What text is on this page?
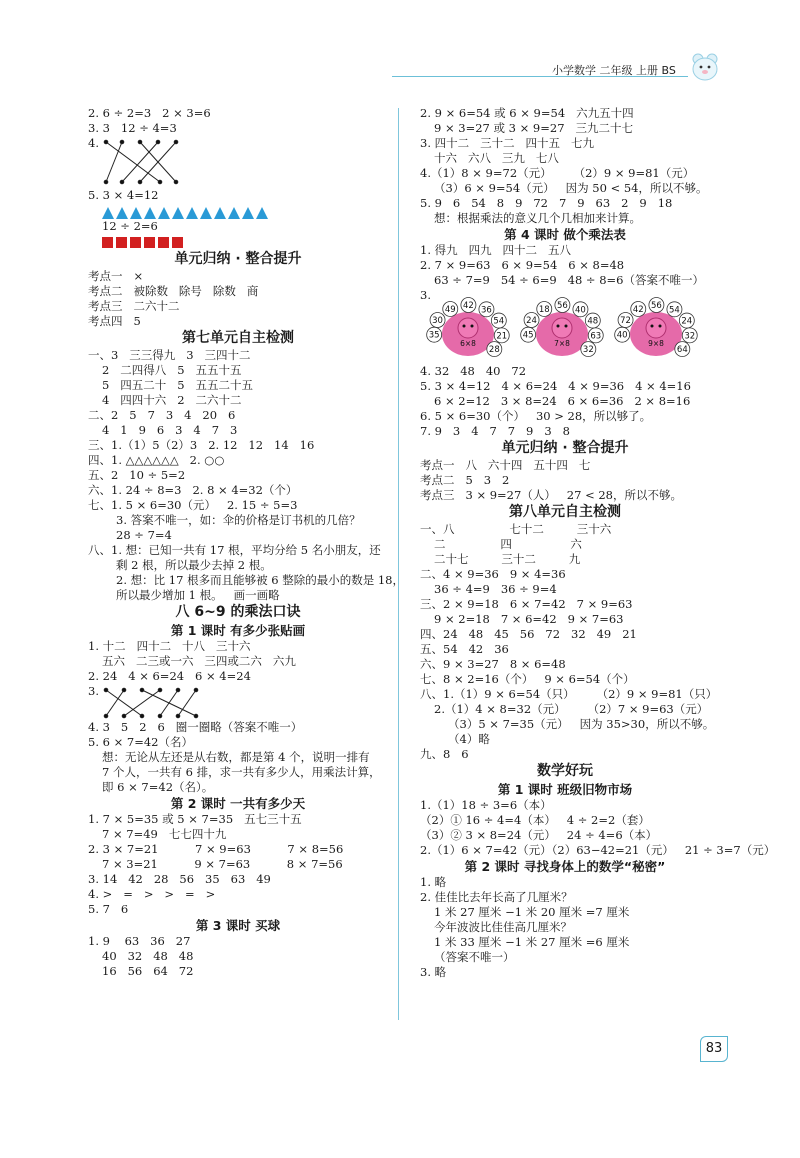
小学数学 二年级 上册 BS
2. 6 ÷ 2=3   2 × 3=6
3. 3   12 ÷ 4=3
4.
5. 3 × 4=12
12 ÷ 2=6
单元归纳 · 整合提升
考点一   ×
考点二   被除数   除号   除数   商
考点三   二六十二
考点四   5
第七单元自主检测
一、3   三三得九   3   三四十二
2   二四得八   5   五五十五
5   四五二十   5   五五二十五
4   四四十六   2   二六十二
二、2   5   7   3   4   20   6
4   1   9   6   3   4   7   3
三、1.（1）5（2）3   2. 12   12   14   16
四、1. △△△△△△   2. ○○
五、2   10 ÷ 5=2
六、1. 24 ÷ 8=3   2. 8 × 4=32（个）
七、1. 5 × 6=30（元）   2. 15 ÷ 5=3
3. 答案不唯一，如：伞的价格是订书机的几倍？
28 ÷ 7=4
八、1. 想：已知一共有 17 根，平均分给 5 名小朋友，还
剩 2 根，所以最少去掉 2 根。
2. 想：比 17 根多而且能够被 6 整除的最小的数是 18，
所以最少增加 1 根。   画一画略
八 6~9 的乘法口诀
第 1 课时 有多少张贴画
1. 十二   四十二   十八   三十六
五六   二三或一六   三四或二六   六九
2. 24   4 × 6=24   6 × 4=24
3.
4. 3   5   2   6   圈一圈略（答案不唯一）
5. 6 × 7=42（名）
想：无论从左还是从右数，都是第 4 个，说明一排有
7 个人，一共有 6 排，求一共有多少人，用乘法计算，
即 6 × 7=42（名）。
第 2 课时 一共有多少天
1. 7 × 5=35 或 5 × 7=35   五七三十五
7 × 7=49   七七四十九
2. 3 × 7=21          7 × 9=63          7 × 8=56
7 × 3=21          9 × 7=63          8 × 7=56
3. 14   42   28   56   35   63   49
4. >   =   >   >   =   >
5. 7   6
第 3 课时 买球
1. 9    63   36   27
40   32   48   48
16   56   64   72
2. 9 × 6=54 或 6 × 9=54   六九五十四
9 × 3=27 或 3 × 9=27   三九二十七
3. 四十二   三十二   四十五   七九
十六   六八   三九   七八
4.（1）8 × 9=72（元）      （2）9 × 9=81（元）
（3）6 × 9=54（元）   因为 50 < 54，所以不够。
5. 9   6   54   8   9   72   7   9   63   2   9   18
想：根据乘法的意义几个几相加来计算。
第 4 课时 做个乘法表
1. 得九   四九   四十二   五八
2. 7 × 9=63   6 × 9=54   6 × 8=48
63 ÷ 7=9   54 ÷ 6=9   48 ÷ 8=6（答案不唯一）
3.
35
30
49 42 36
54
21
28
6×8
45
24
18 56 40
48
63
32
7×8
40
72
42 56 54
24
32
64
9×8
4. 32   48   40   72
5. 3 × 4=12   4 × 6=24   4 × 9=36   4 × 4=16
6 × 2=12   3 × 8=24   6 × 6=36   2 × 8=16
6. 5 × 6=30（个）   30 > 28，所以够了。
7. 9   3   4   7   7   9   3   8
单元归纳 · 整合提升
考点一   八   六十四   五十四   七
考点二   5   3   2
考点三   3 × 9=27（人）   27 < 28，所以不够。
第八单元自主检测
一、八               七十二         三十六
二               四                六
二十七         三十二         九
二、4 × 9=36   9 × 4=36
36 ÷ 4=9   36 ÷ 9=4
三、2 × 9=18   6 × 7=42   7 × 9=63
9 × 2=18   7 × 6=42   9 × 7=63
四、24   48   45   56   72   32   49   21
五、54   42   36
六、9 × 3=27   8 × 6=48
七、8 × 2=16（个）   9 × 6=54（个）
八、1.（1）9 × 6=54（只）      （2）9 × 9=81（只）
2.（1）4 × 8=32（元）      （2）7 × 9=63（元）
（3）5 × 7=35（元）   因为 35>30，所以不够。
（4）略
九、8   6
数学好玩
第 1 课时 班级旧物市场
1.（1）18 ÷ 3=6（本）
（2）① 16 ÷ 4=4（本）   4 ÷ 2=2（套）
（3）② 3 × 8=24（元）   24 ÷ 4=6（本）
2.（1）6 × 7=42（元）（2）63−42=21（元）   21 ÷ 3=7（元）
第 2 课时 寻找身体上的数学“秘密”
1. 略
2. 佳佳比去年长高了几厘米？
1 米 27 厘米 −1 米 20 厘米 =7 厘米
今年波波比佳佳高几厘米？
1 米 33 厘米 −1 米 27 厘米 =6 厘米
（答案不唯一）
3. 略
83
